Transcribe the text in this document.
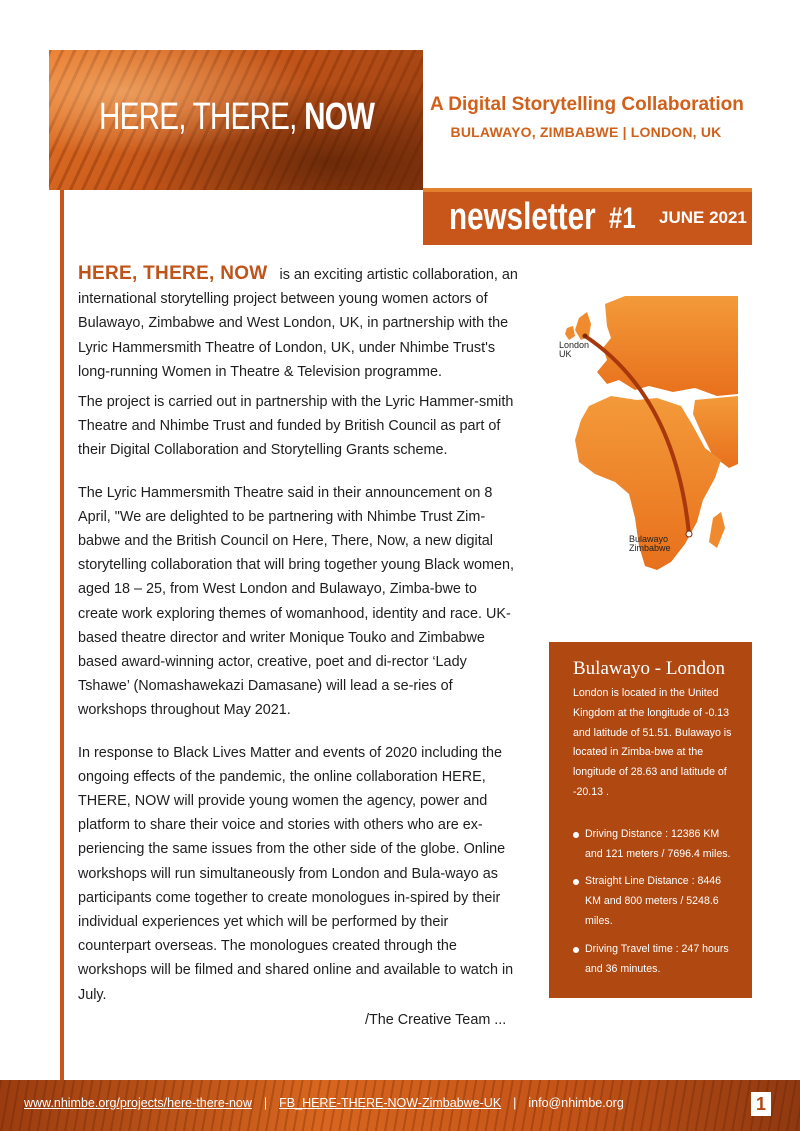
HERE, THERE, NOW	A Digital Storytelling Collaboration
BULAWAYO, ZIMBABWE | LONDON, UK
newsletter #1 JUNE 2021

HERE, THERE, NOW is an exciting artistic collaboration, an international storytelling project between young women actors of Bulawayo, Zimbabwe and West London, UK, in partnership with the Lyric Hammersmith Theatre of London, UK, under Nhimbe Trust's long-running Women in Theatre & Television programme.

The project is carried out in partnership with the Lyric Hammer-smith Theatre and Nhimbe Trust and funded by British Council as part of their Digital Collaboration and Storytelling Grants scheme.

The Lyric Hammersmith Theatre said in their announcement on 8 April, "We are delighted to be partnering with Nhimbe Trust Zim-babwe and the British Council on Here, There, Now, a new digital storytelling collaboration that will bring together young Black women, aged 18 – 25, from West London and Bulawayo, Zimba-bwe to create work exploring themes of womanhood, identity and race. UK-based theatre director and writer Monique Touko and Zimbabwe based award-winning actor, creative, poet and di-rector ‘Lady Tshawe’ (Nomashawekazi Damasane) will lead a se-ries of workshops throughout May 2021.

In response to Black Lives Matter and events of 2020 including the ongoing effects of the pandemic, the online collaboration HERE, THERE, NOW will provide young women the agency, power and platform to share their voice and stories with others who are ex-periencing the same issues from the other side of the globe. Online workshops will run simultaneously from London and Bula-wayo as participants come together to create monologues in-spired by their individual experiences yet which will be performed by their counterpart overseas. The monologues created through the workshops will be filmed and shared online and available to watch in July.

/The Creative Team ...
London
UK
Bulawayo
Zimbabwe
Bulawayo - London
London is located in the United Kingdom at the longitude of -0.13 and latitude of 51.51. Bulawayo is located in Zimba-bwe at the longitude of 28.63 and latitude of -20.13 .
Driving Distance : 12386 KM and 121 meters / 7696.4 miles.
Straight Line Distance : 8446 KM and 800 meters / 5248.6 miles.
Driving Travel time : 247 hours and 36 minutes.
www.nhimbe.org/projects/here-there-now | FB_HERE-THERE-NOW-Zimbabwe-UK | info@nhimbe.org	1
